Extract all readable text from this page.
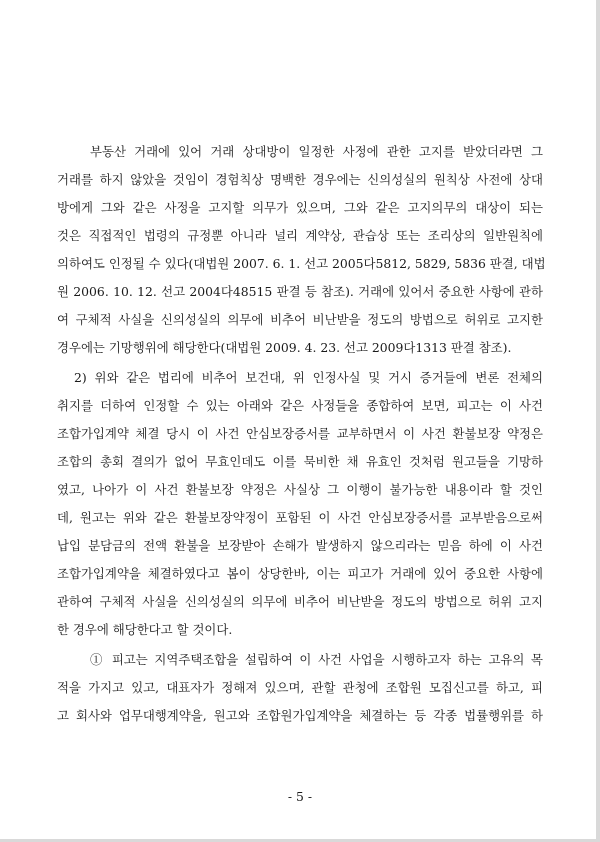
부동산 거래에 있어 거래 상대방이 일정한 사정에 관한 고지를 받았더라면 그
거래를 하지 않았을 것임이 경험칙상 명백한 경우에는 신의성실의 원칙상 사전에 상대
방에게 그와 같은 사정을 고지할 의무가 있으며, 그와 같은 고지의무의 대상이 되는
것은 직접적인 법령의 규정뿐 아니라 널리 계약상, 관습상 또는 조리상의 일반원칙에
의하여도 인정될 수 있다(대법원 2007. 6. 1. 선고 2005다5812, 5829, 5836 판결, 대법
원 2006. 10. 12. 선고 2004다48515 판결 등 참조). 거래에 있어서 중요한 사항에 관하
여 구체적 사실을 신의성실의 의무에 비추어 비난받을 정도의 방법으로 허위로 고지한
경우에는 기망행위에 해당한다(대법원 2009. 4. 23. 선고 2009다1313 판결 참조).
2) 위와 같은 법리에 비추어 보건대, 위 인정사실 및 거시 증거들에 변론 전체의
취지를 더하여 인정할 수 있는 아래와 같은 사정들을 종합하여 보면, 피고는 이 사건
조합가입계약 체결 당시 이 사건 안심보장증서를 교부하면서 이 사건 환불보장 약정은
조합의 총회 결의가 없어 무효인데도 이를 묵비한 채 유효인 것처럼 원고들을 기망하
였고, 나아가 이 사건 환불보장 약정은 사실상 그 이행이 불가능한 내용이라 할 것인
데, 원고는 위와 같은 환불보장약정이 포함된 이 사건 안심보장증서를 교부받음으로써
납입 분담금의 전액 환불을 보장받아 손해가 발생하지 않으리라는 믿음 하에 이 사건
조합가입계약을 체결하였다고 봄이 상당한바, 이는 피고가 거래에 있어 중요한 사항에
관하여 구체적 사실을 신의성실의 의무에 비추어 비난받을 정도의 방법으로 허위 고지
한 경우에 해당한다고 할 것이다.
① 피고는 지역주택조합을 설립하여 이 사건 사업을 시행하고자 하는 고유의 목
적을 가지고 있고, 대표자가 정해져 있으며, 관할 관청에 조합원 모집신고를 하고, 피
고 회사와 업무대행계약을, 원고와 조합원가입계약을 체결하는 등 각종 법률행위를 하
- 5 -
